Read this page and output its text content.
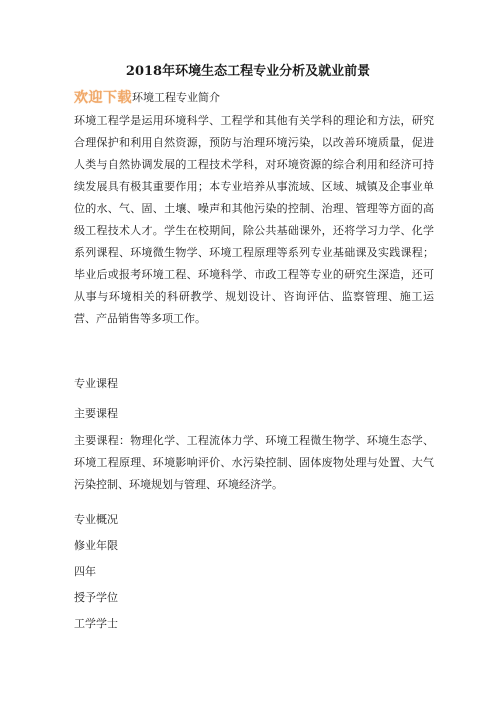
2018年环境生态工程专业分析及就业前景
欢迎下载环境工程专业简介

环境工程学是运用环境科学、工程学和其他有关学科的理论和方法，研究合理保护和利用自然资源，预防与治理环境污染，以改善环境质量，促进人类与自然协调发展的工程技术学科，对环境资源的综合利用和经济可持续发展具有极其重要作用；本专业培养从事流域、区域、城镇及企事业单位的水、气、固、土壤、噪声和其他污染的控制、治理、管理等方面的高级工程技术人才。学生在校期间，除公共基础课外，还将学习力学、化学系列课程、环境微生物学、环境工程原理等系列专业基础课及实践课程；毕业后或报考环境工程、环境科学、市政工程等专业的研究生深造，还可从事与环境相关的科研教学、规划设计、咨询评估、监察管理、施工运营、产品销售等多项工作。

专业课程

主要课程

主要课程：物理化学、工程流体力学、环境工程微生物学、环境生态学、环境工程原理、环境影响评价、水污染控制、固体废物处理与处置、大气污染控制、环境规划与管理、环境经济学。

专业概况

修业年限

四年

授予学位

工学学士
